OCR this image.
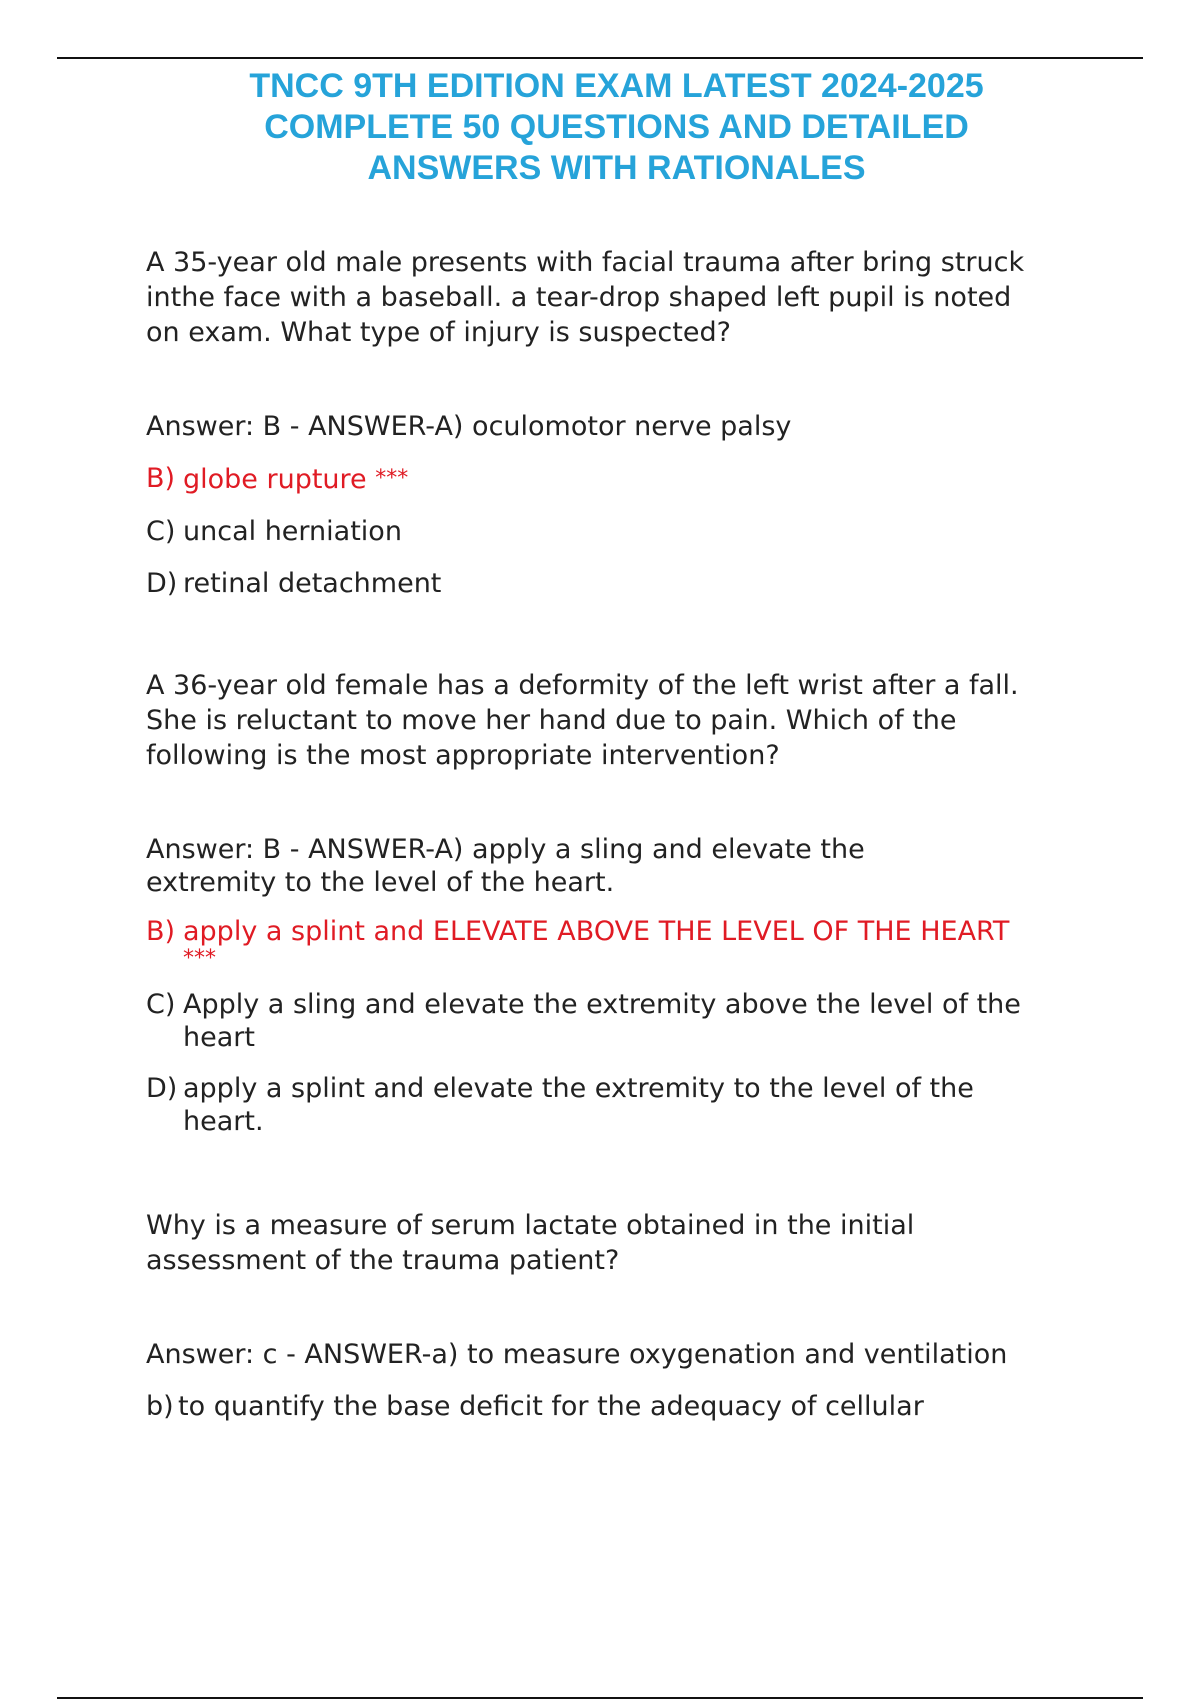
TNCC 9TH EDITION EXAM LATEST 2024-2025
COMPLETE 50 QUESTIONS AND DETAILED
ANSWERS WITH RATIONALES
A 35-year old male presents with facial trauma after bring struck
inthe face with a baseball. a tear-drop shaped left pupil is noted
on exam. What type of injury is suspected?
Answer: B - ANSWER-A) oculomotor nerve palsy
B) globe rupture ***
C) uncal herniation
D) retinal detachment
A 36-year old female has a deformity of the left wrist after a fall.
She is reluctant to move her hand due to pain. Which of the
following is the most appropriate intervention?
Answer: B - ANSWER-A) apply a sling and elevate the
extremity to the level of the heart.
B) apply a splint and ELEVATE ABOVE THE LEVEL OF THE HEART
***
C) Apply a sling and elevate the extremity above the level of the
heart
D) apply a splint and elevate the extremity to the level of the
heart.
Why is a measure of serum lactate obtained in the initial
assessment of the trauma patient?
Answer: c - ANSWER-a) to measure oxygenation and ventilation
b) to quantify the base deficit for the adequacy of cellular
